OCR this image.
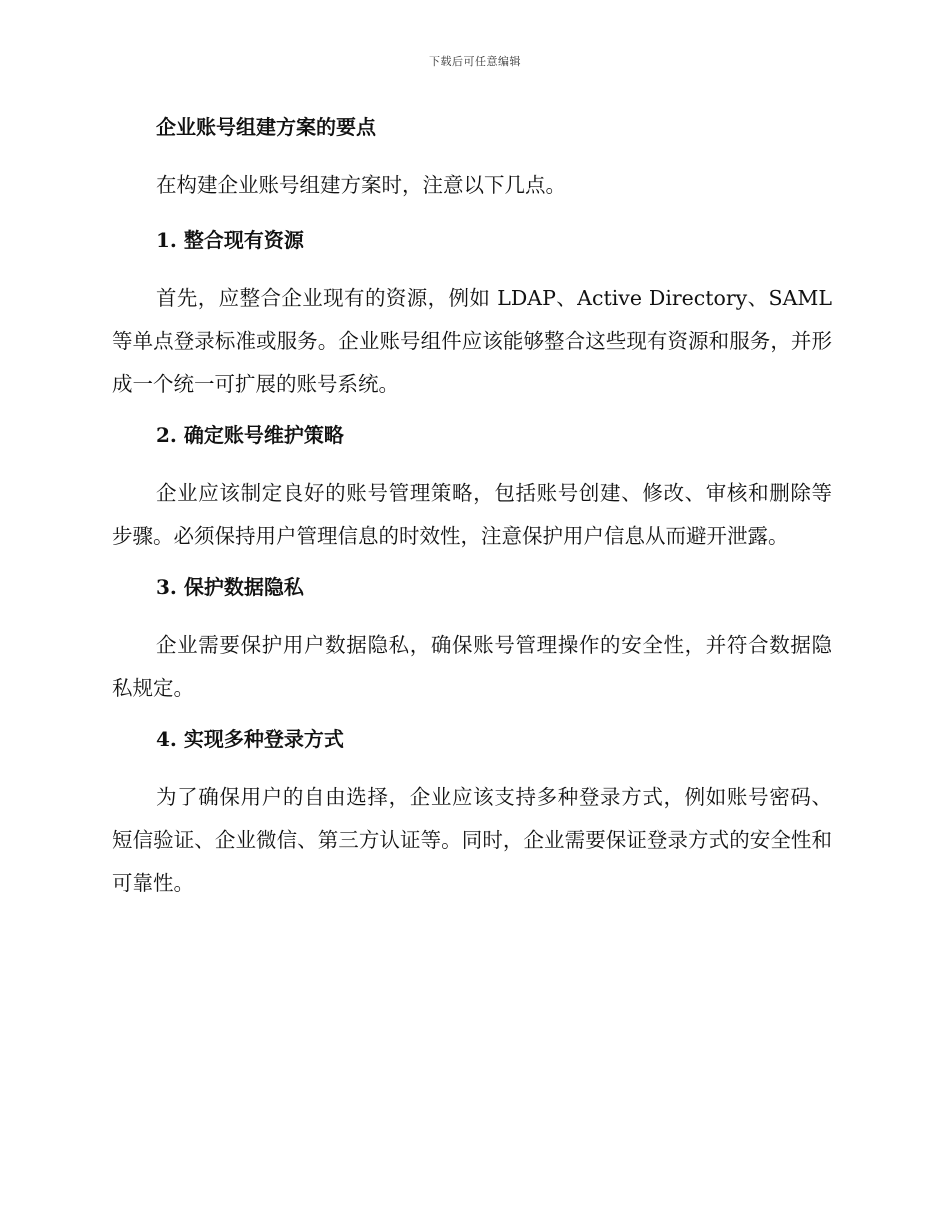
下载后可任意编辑
企业账号组建方案的要点
在构建企业账号组建方案时，注意以下几点。
1. 整合现有资源
首先，应整合企业现有的资源，例如 LDAP、Active Directory、SAML 等单点登录标准或服务。企业账号组件应该能够整合这些现有资源和服务，并形成一个统一可扩展的账号系统。
2. 确定账号维护策略
企业应该制定良好的账号管理策略，包括账号创建、修改、审核和删除等步骤。必须保持用户管理信息的时效性，注意保护用户信息从而避开泄露。
3. 保护数据隐私
企业需要保护用户数据隐私，确保账号管理操作的安全性，并符合数据隐私规定。
4. 实现多种登录方式
为了确保用户的自由选择，企业应该支持多种登录方式，例如账号密码、短信验证、企业微信、第三方认证等。同时，企业需要保证登录方式的安全性和可靠性。
